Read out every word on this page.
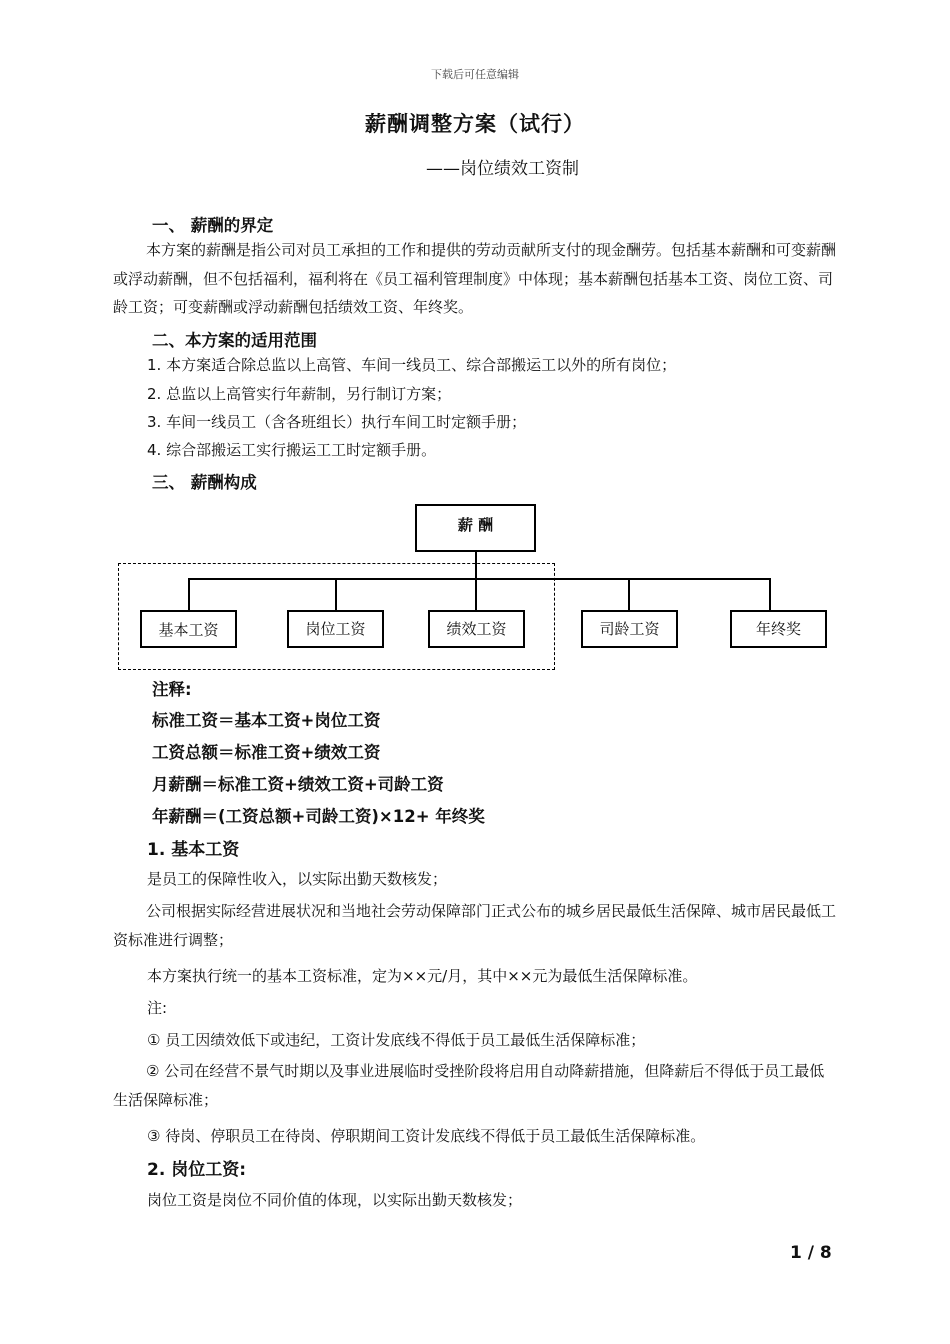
下载后可任意编辑
薪酬调整方案（试行）
——岗位绩效工资制
一、 薪酬的界定
本方案的薪酬是指公司对员工承担的工作和提供的劳动贡献所支付的现金酬劳。包括基本薪酬和可变薪酬或浮动薪酬，但不包括福利，福利将在《员工福利管理制度》中体现；基本薪酬包括基本工资、岗位工资、司龄工资；可变薪酬或浮动薪酬包括绩效工资、年终奖。
二、本方案的适用范围
1. 本方案适合除总监以上高管、车间一线员工、综合部搬运工以外的所有岗位；
2. 总监以上高管实行年薪制，另行制订方案；
3. 车间一线员工（含各班组长）执行车间工时定额手册；
4. 综合部搬运工实行搬运工工时定额手册。
三、 薪酬构成
薪 酬
基本工资	岗位工资	绩效工资	司龄工资	年终奖
注释:
标准工资＝基本工资+岗位工资
工资总额＝标准工资+绩效工资
月薪酬＝标准工资+绩效工资+司龄工资
年薪酬＝(工资总额+司龄工资)×12+ 年终奖
1. 基本工资
是员工的保障性收入，以实际出勤天数核发；
公司根据实际经营进展状况和当地社会劳动保障部门正式公布的城乡居民最低生活保障、城市居民最低工资标准进行调整；
本方案执行统一的基本工资标准，定为××元/月，其中××元为最低生活保障标准。
注:
① 员工因绩效低下或违纪，工资计发底线不得低于员工最低生活保障标准；
② 公司在经营不景气时期以及事业进展临时受挫阶段将启用自动降薪措施，但降薪后不得低于员工最低生活保障标准；
③ 待岗、停职员工在待岗、停职期间工资计发底线不得低于员工最低生活保障标准。
2. 岗位工资:
岗位工资是岗位不同价值的体现，以实际出勤天数核发；
1 / 8
